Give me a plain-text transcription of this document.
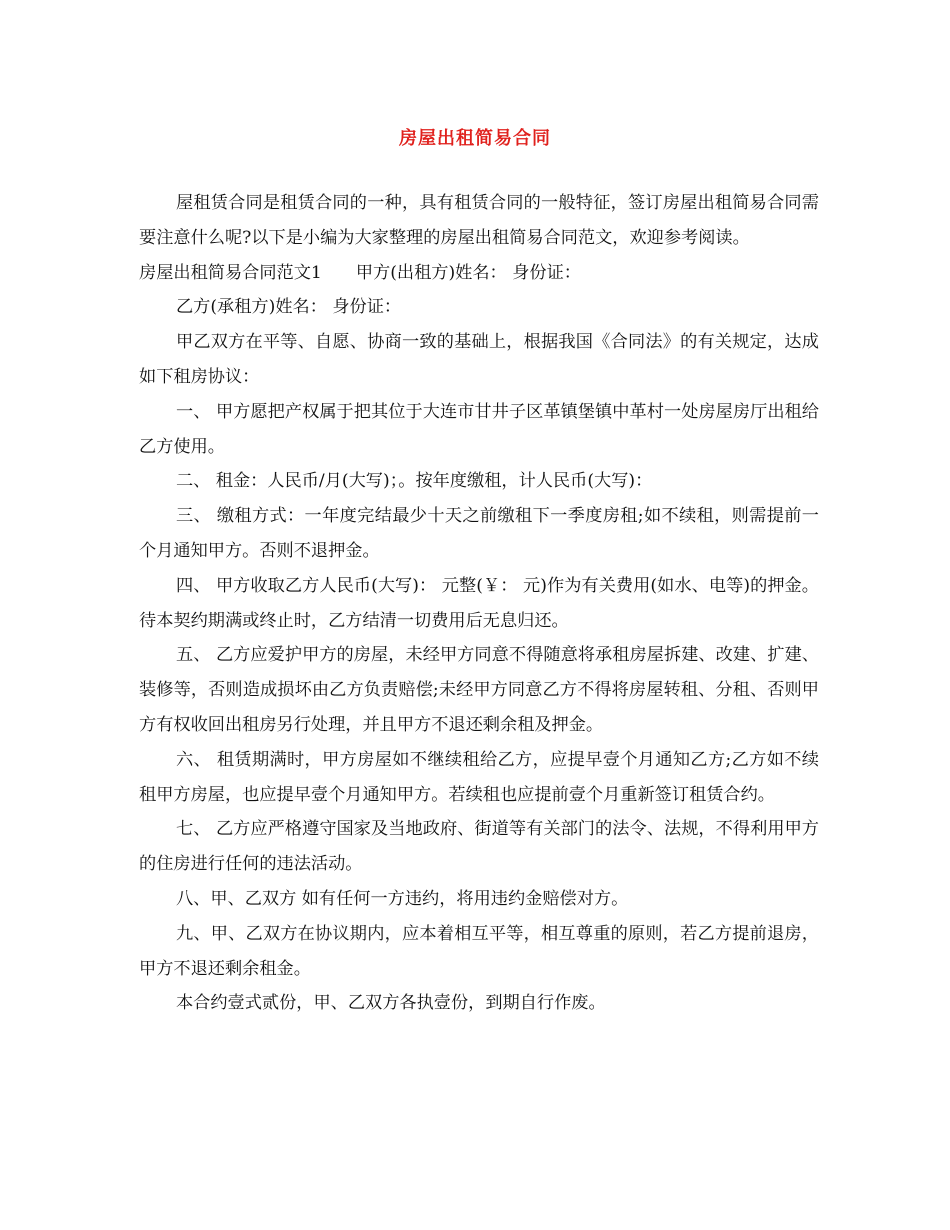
房屋出租简易合同

屋租赁合同是租赁合同的一种，具有租赁合同的一般特征，签订房屋出租简易合同需要注意什么呢?以下是小编为大家整理的房屋出租简易合同范文，欢迎参考阅读。

房屋出租简易合同范文1 甲方(出租方)姓名： 身份证：

乙方(承租方)姓名： 身份证：

甲乙双方在平等、自愿、协商一致的基础上，根据我国《合同法》的有关规定，达成如下租房协议：

一、 甲方愿把产权属于把其位于大连市甘井子区革镇堡镇中革村一处房屋房厅出租给乙方使用。

二、 租金：人民币/月(大写)；。按年度缴租，计人民币(大写)：

三、 缴租方式：一年度完结最少十天之前缴租下一季度房租;如不续租，则需提前一个月通知甲方。否则不退押金。

四、 甲方收取乙方人民币(大写)： 元整(￥： 元)作为有关费用(如水、电等)的押金。待本契约期满或终止时，乙方结清一切费用后无息归还。

五、 乙方应爱护甲方的房屋，未经甲方同意不得随意将承租房屋拆建、改建、扩建、装修等，否则造成损坏由乙方负责赔偿;未经甲方同意乙方不得将房屋转租、分租、否则甲方有权收回出租房另行处理，并且甲方不退还剩余租及押金。

六、 租赁期满时，甲方房屋如不继续租给乙方，应提早壹个月通知乙方;乙方如不续租甲方房屋，也应提早壹个月通知甲方。若续租也应提前壹个月重新签订租赁合约。

七、 乙方应严格遵守国家及当地政府、街道等有关部门的法令、法规，不得利用甲方的住房进行任何的违法活动。

八、甲、乙双方 如有任何一方违约，将用违约金赔偿对方。

九、甲、乙双方在协议期内，应本着相互平等，相互尊重的原则，若乙方提前退房，甲方不退还剩余租金。

本合约壹式贰份，甲、乙双方各执壹份，到期自行作废。
